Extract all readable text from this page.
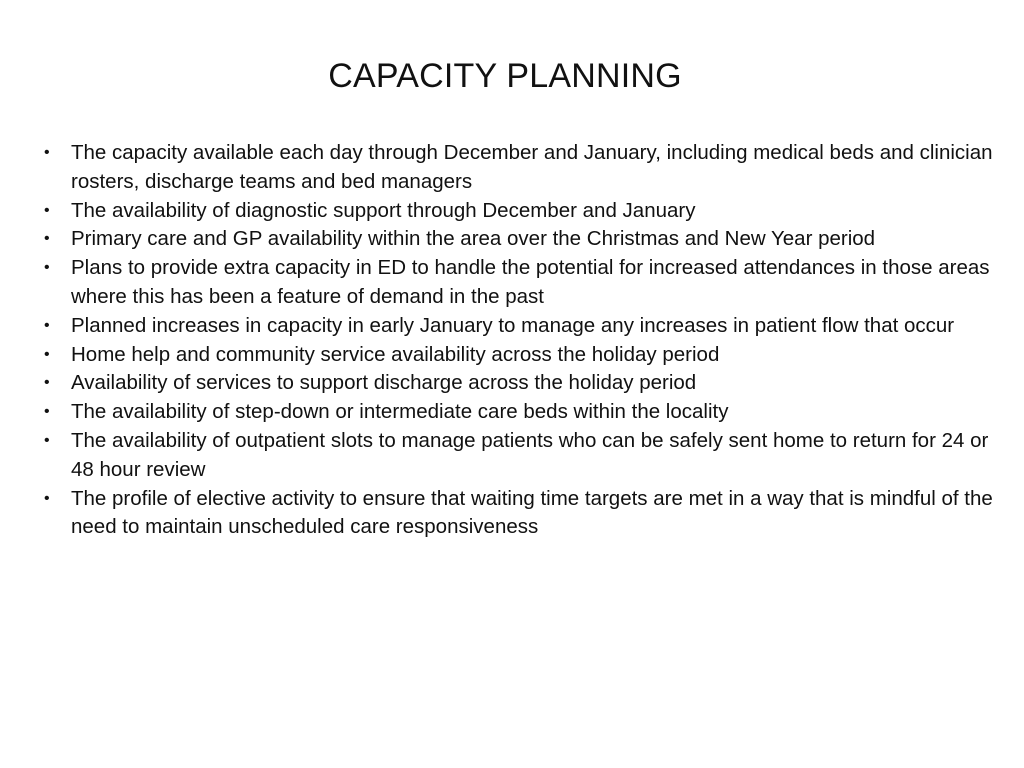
CAPACITY PLANNING
•	The capacity available each day through December and January, including medical beds and clinician rosters, discharge teams and bed managers
•	The availability of diagnostic support through December and January
•	Primary care and GP availability within the area over the Christmas and New Year period
•	Plans to provide extra capacity in ED to handle the potential for increased attendances in those areas where this has been a feature of demand in the past
•	Planned increases in capacity in early January to manage any increases in patient flow that occur
•	Home help and community service availability across the holiday period
•	Availability of services to support discharge across the holiday period
•	The availability of step-down or intermediate care beds within the locality
•	The availability of outpatient slots to manage patients who can be safely sent home to return for 24 or 48 hour review
•	The profile of elective activity to ensure that waiting time targets are met in a way that is mindful of the need to maintain unscheduled care responsiveness
